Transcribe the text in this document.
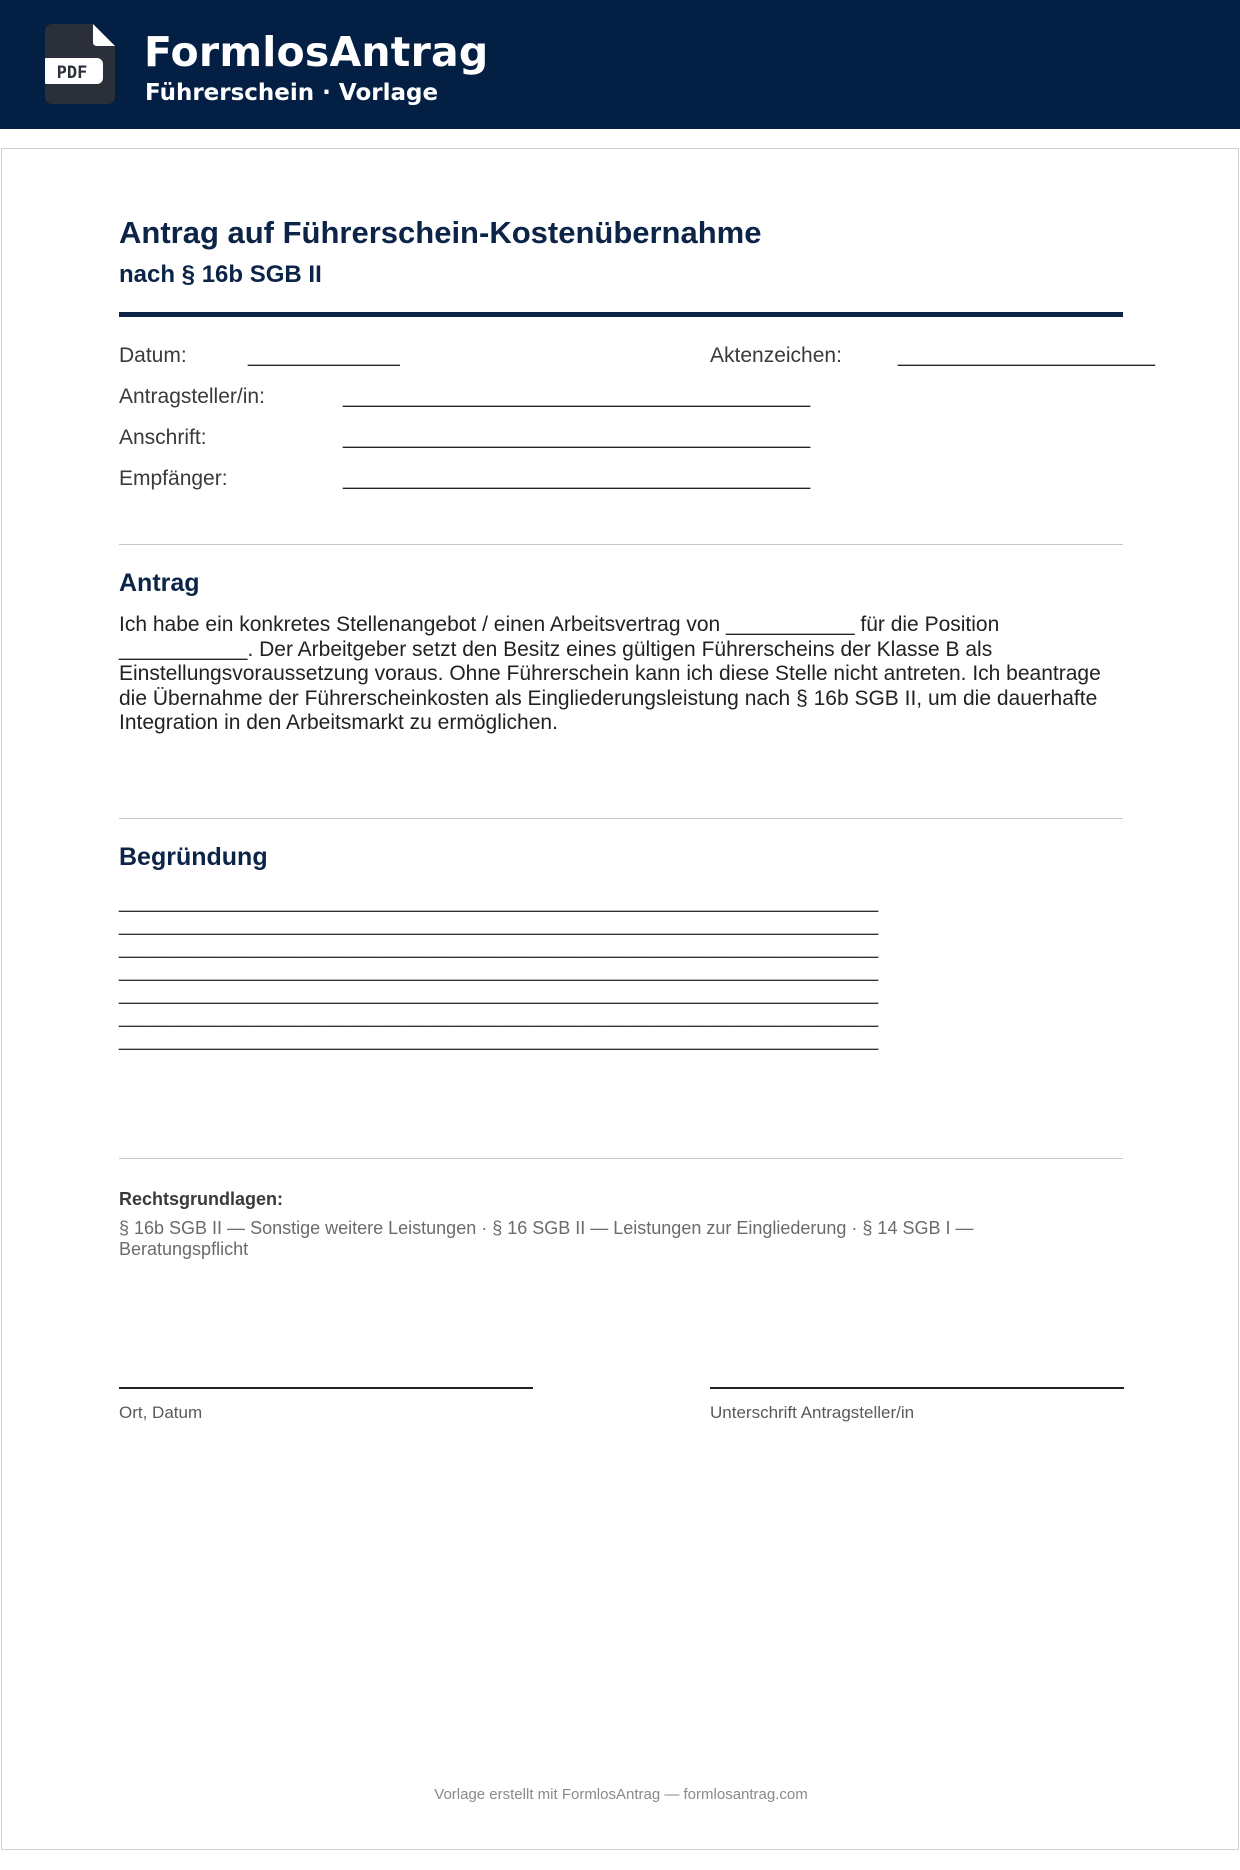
PDF FormlosAntrag
Führerschein · Vorlage
Antrag auf Führerschein-Kostenübernahme
nach § 16b SGB II
Datum:	_____________	Aktenzeichen:	______________________
Antragsteller/in:	________________________________________
Anschrift:	________________________________________
Empfänger:	________________________________________
Antrag
Ich habe ein konkretes Stellenangebot / einen Arbeitsvertrag von ___________ für die Position ___________. Der Arbeitgeber setzt den Besitz eines gültigen Führerscheins der Klasse B als Einstellungsvoraussetzung voraus. Ohne Führerschein kann ich diese Stelle nicht antreten. Ich beantrage die Übernahme der Führerscheinkosten als Eingliederungsleistung nach § 16b SGB II, um die dauerhafte Integration in den Arbeitsmarkt zu ermöglichen.
Begründung
_________________________________________________________________
_________________________________________________________________
_________________________________________________________________
_________________________________________________________________
_________________________________________________________________
_________________________________________________________________
_________________________________________________________________
Rechtsgrundlagen:
§ 16b SGB II — Sonstige weitere Leistungen · § 16 SGB II — Leistungen zur Eingliederung · § 14 SGB I — Beratungspflicht
Ort, Datum	Unterschrift Antragsteller/in
Vorlage erstellt mit FormlosAntrag — formlosantrag.com
